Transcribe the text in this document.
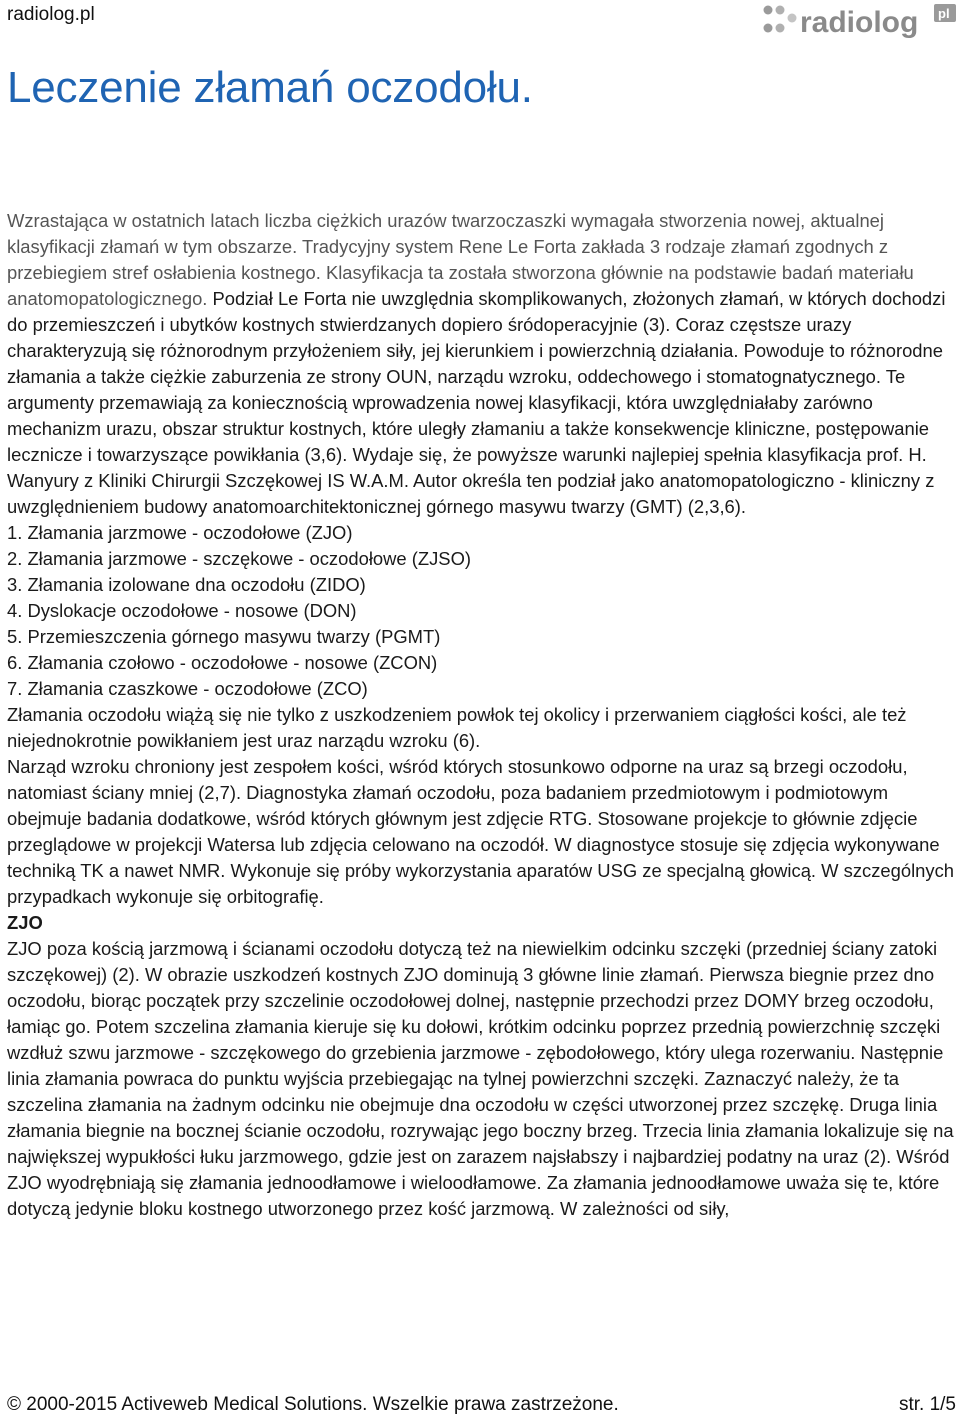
radiolog.pl	radiolog pl
Leczenie złamań oczodołu.

Wzrastająca w ostatnich latach liczba ciężkich urazów twarzoczaszki wymagała stworzenia nowej, aktualnej klasyfikacji złamań w tym obszarze. Tradycyjny system Rene Le Forta zakłada 3 rodzaje złamań zgodnych z przebiegiem stref osłabienia kostnego. Klasyfikacja ta została stworzona głównie na podstawie badań materiału anatomopatologicznego. Podział Le Forta nie uwzględnia skomplikowanych, złożonych złamań, w których dochodzi do przemieszczeń i ubytków kostnych stwierdzanych dopiero śródoperacyjnie (3). Coraz częstsze urazy charakteryzują się różnorodnym przyłożeniem siły, jej kierunkiem i powierzchnią działania. Powoduje to różnorodne złamania a także ciężkie zaburzenia ze strony OUN, narządu wzroku, oddechowego i stomatognatycznego. Te argumenty przemawiają za koniecznością wprowadzenia nowej klasyfikacji, która uwzględniałaby zarówno mechanizm urazu, obszar struktur kostnych, które uległy złamaniu a także konsekwencje kliniczne, postępowanie lecznicze i towarzyszące powikłania (3,6). Wydaje się, że powyższe warunki najlepiej spełnia klasyfikacja prof. H. Wanyury z Kliniki Chirurgii Szczękowej IS W.A.M. Autor określa ten podział jako anatomopatologiczno - kliniczny z uwzględnieniem budowy anatomoarchitektonicznej górnego masywu twarzy (GMT) (2,3,6).

1. Złamania jarzmowe - oczodołowe (ZJO)

2. Złamania jarzmowe - szczękowe - oczodołowe (ZJSO)

3. Złamania izolowane dna oczodołu (ZIDO)

4. Dyslokacje oczodołowe - nosowe (DON)

5. Przemieszczenia górnego masywu twarzy (PGMT)

6. Złamania czołowo - oczodołowe - nosowe (ZCON)

7. Złamania czaszkowe - oczodołowe (ZCO)

Złamania oczodołu wiążą się nie tylko z uszkodzeniem powłok tej okolicy i przerwaniem ciągłości kości, ale też niejednokrotnie powikłaniem jest uraz narządu wzroku (6).

Narząd wzroku chroniony jest zespołem kości, wśród których stosunkowo odporne na uraz są brzegi oczodołu, natomiast ściany mniej (2,7). Diagnostyka złamań oczodołu, poza badaniem przedmiotowym i podmiotowym obejmuje badania dodatkowe, wśród których głównym jest zdjęcie RTG. Stosowane projekcje to głównie zdjęcie przeglądowe w projekcji Watersa lub zdjęcia celowano na oczodół. W diagnostyce stosuje się zdjęcia wykonywane techniką TK a nawet NMR. Wykonuje się próby wykorzystania aparatów USG ze specjalną głowicą. W szczególnych przypadkach wykonuje się orbitografię.

ZJO

ZJO poza kością jarzmową i ścianami oczodołu dotyczą też na niewielkim odcinku szczęki (przedniej ściany zatoki szczękowej) (2). W obrazie uszkodzeń kostnych ZJO dominują 3 główne linie złamań. Pierwsza biegnie przez dno oczodołu, biorąc początek przy szczelinie oczodołowej dolnej, następnie przechodzi przez DOMY brzeg oczodołu, łamiąc go. Potem szczelina złamania kieruje się ku dołowi, krótkim odcinku poprzez przednią powierzchnię szczęki wzdłuż szwu jarzmowe - szczękowego do grzebienia jarzmowe - zębodołowego, który ulega rozerwaniu. Następnie linia złamania powraca do punktu wyjścia przebiegając na tylnej powierzchni szczęki. Zaznaczyć należy, że ta szczelina złamania na żadnym odcinku nie obejmuje dna oczodołu w części utworzonej przez szczękę. Druga linia złamania biegnie na bocznej ścianie oczodołu, rozrywając jego boczny brzeg. Trzecia linia złamania lokalizuje się na największej wypukłości łuku jarzmowego, gdzie jest on zarazem najsłabszy i najbardziej podatny na uraz (2). Wśród ZJO wyodrębniają się złamania jednoodłamowe i wieloodłamowe. Za złamania jednoodłamowe uważa się te, które dotyczą jedynie bloku kostnego utworzonego przez kość jarzmową. W zależności od siły,

© 2000-2015 Activeweb Medical Solutions. Wszelkie prawa zastrzeżone.	str. 1/5
